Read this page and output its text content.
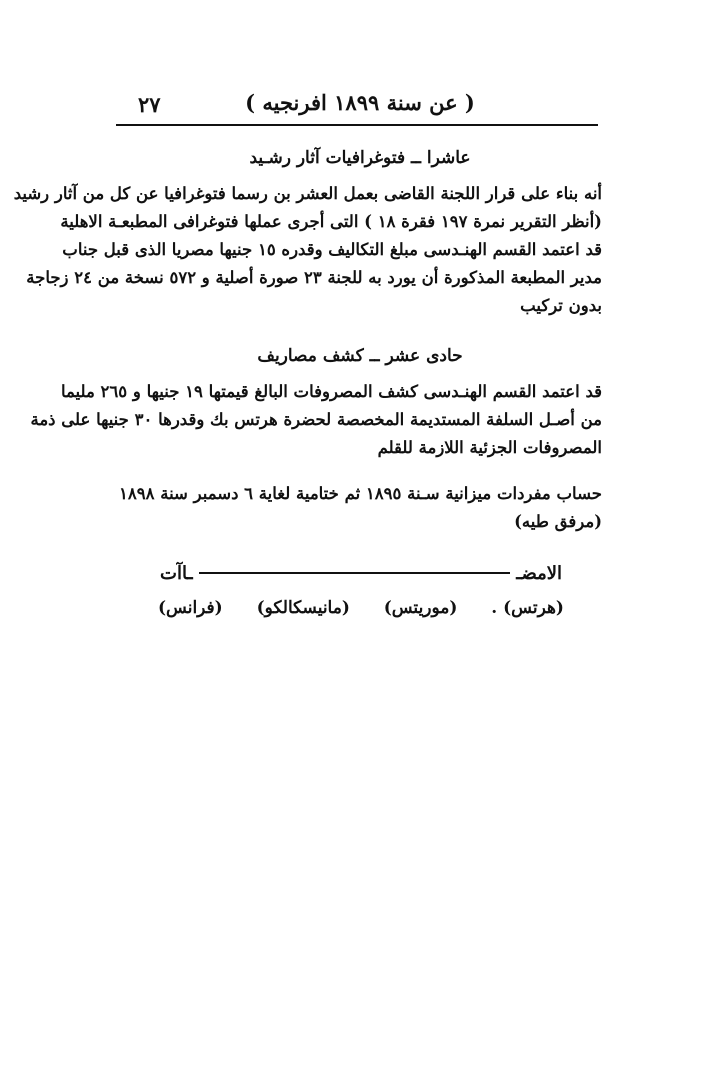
( عن سنة ١٨٩٩ افرنجيه )
٢٧
عاشرا ــ فتوغرافيات آثار رشـيد
أنه بناء على قرار اللجنة القاضى بعمل العشر بن رسما فتوغرافيا عن كل من آثار رشيد
(أنظر التقرير نمرة ١٩٧ فقرة ١٨ ) التى أجرى عملها فتوغرافى المطبعـة الاهلية
قد اعتمد القسم الهنـدسى مبلغ التكاليف وقدره ١٥ جنيها مصريا الذى قبل جناب
مدير المطبعة المذكورة أن يورد به للجنة ٢٣ صورة أصلية و ٥٧٢ نسخة من ٢٤ زجاجة
بدون تركيب
حادى عشر ــ كشف مصاريف
قد اعتمد القسم الهنـدسى كشف المصروفات البالغ قيمتها ١٩ جنيها و ٢٦٥ مليما
من أصـل السلفة المستديمة المخصصة لحضرة هرتس بك وقدرها ٣٠ جنيها على ذمة
المصروفات الجزئية اللازمة للقلم
حساب مفردات ميزانية سـنة ١٨٩٥ ثم ختامية لغاية ٦ دسمبر سنة ١٨٩٨
(مرفق طيه)
ـاآت	الامضـ
(فرانس) (مانيسكالكو) (موريتس) (هرتس) .
